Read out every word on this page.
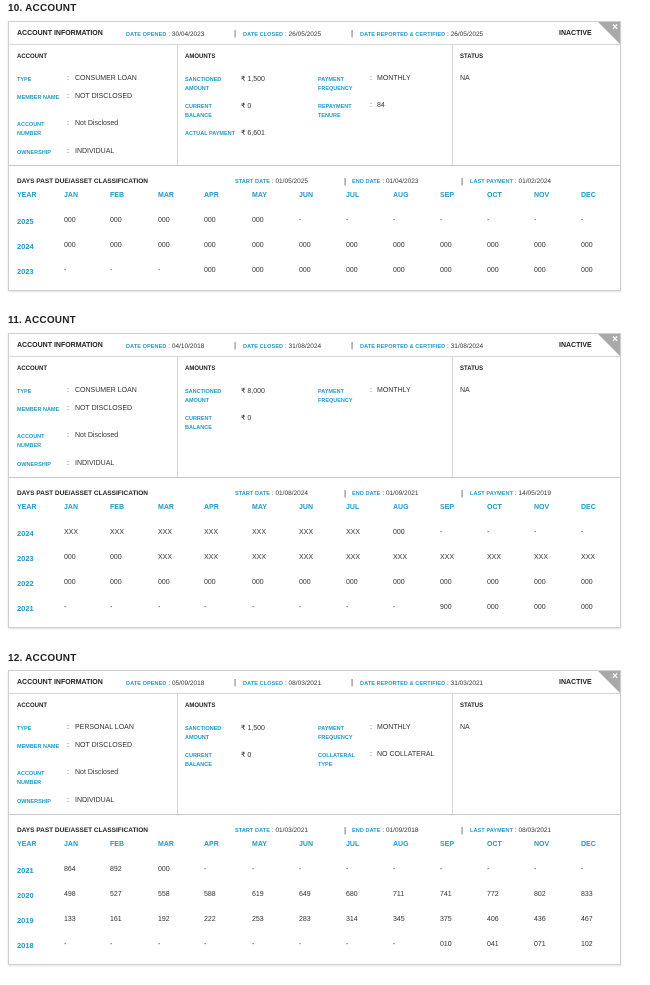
10. ACCOUNT
×
ACCOUNT INFORMATION	DATE OPENED : 30/04/2023	| DATE CLOSED : 26/05/2025	| DATE REPORTED & CERTIFIED : 26/05/2025	INACTIVE
ACCOUNT
TYPE	: CONSUMER LOAN
MEMBER NAME	: NOT DISCLOSED
ACCOUNT NUMBER
: Not Disclosed
OWNERSHIP	: INDIVIDUAL
AMOUNTS
SANCTIONED AMOUNT
₹ 1,500
CURRENT BALANCE
₹ 0
ACTUAL PAYMENT ₹ 6,601
PAYMENT FREQUENCY
: MONTHLY
REPAYMENT TENURE
: 84
STATUS
NA
DAYS PAST DUE/ASSET CLASSIFICATION	START DATE : 01/05/2025	| END DATE : 01/04/2023	| LAST PAYMENT : 01/02/2024
YEAR	JAN	FEB	MAR	APR	MAY	JUN	JUL	AUG	SEP	OCT	NOV	DEC
2025	000	000	000	000	000	-	-	-	-	-	-	-
2024	000	000	000	000	000	000	000	000	000	000	000	000
2023	-	-	-	000	000	000	000	000	000	000	000	000
11. ACCOUNT
×
ACCOUNT INFORMATION	DATE OPENED : 04/10/2018	| DATE CLOSED : 31/08/2024	| DATE REPORTED & CERTIFIED : 31/08/2024	INACTIVE
ACCOUNT
TYPE	: CONSUMER LOAN
MEMBER NAME	: NOT DISCLOSED
ACCOUNT NUMBER
: Not Disclosed
OWNERSHIP	: INDIVIDUAL
AMOUNTS
SANCTIONED AMOUNT
₹ 8,000
CURRENT BALANCE
₹ 0
PAYMENT FREQUENCY
: MONTHLY
STATUS
NA
DAYS PAST DUE/ASSET CLASSIFICATION	START DATE : 01/08/2024	| END DATE : 01/09/2021	| LAST PAYMENT : 14/05/2019
YEAR	JAN	FEB	MAR	APR	MAY	JUN	JUL	AUG	SEP	OCT	NOV	DEC
2024	XXX	XXX	XXX	XXX	XXX	XXX	XXX	000	-	-	-	-
2023	000	000	XXX	XXX	XXX	XXX	XXX	XXX	XXX	XXX	XXX	XXX
2022	000	000	000	000	000	000	000	000	000	000	000	000
2021	-	-	-	-	-	-	-	-	900	000	000	000
12. ACCOUNT
×
ACCOUNT INFORMATION	DATE OPENED : 05/09/2018	| DATE CLOSED : 08/03/2021	| DATE REPORTED & CERTIFIED : 31/03/2021	INACTIVE
ACCOUNT
TYPE	: PERSONAL LOAN
MEMBER NAME	: NOT DISCLOSED
ACCOUNT NUMBER
: Not Disclosed
OWNERSHIP	: INDIVIDUAL
AMOUNTS
SANCTIONED AMOUNT
₹ 1,500
CURRENT BALANCE
₹ 0
PAYMENT FREQUENCY
: MONTHLY
COLLATERAL TYPE
: NO COLLATERAL
STATUS
NA
DAYS PAST DUE/ASSET CLASSIFICATION	START DATE : 01/03/2021	| END DATE : 01/09/2018	| LAST PAYMENT : 08/03/2021
YEAR	JAN	FEB	MAR	APR	MAY	JUN	JUL	AUG	SEP	OCT	NOV	DEC
2021	864	892	000	-	-	-	-	-	-	-	-	-
2020	498	527	558	588	619	649	680	711	741	772	802	833
2019	133	161	192	222	253	283	314	345	375	406	436	467
2018	-	-	-	-	-	-	-	-	010	041	071	102
